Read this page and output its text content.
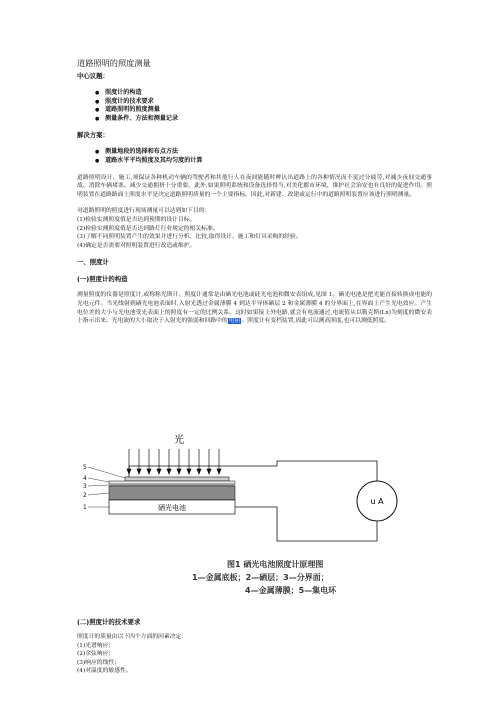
道路照明的照度测量

中心议题：

● 照度计的构造
● 照度计的技术要求
● 道路照明的照度测量
● 测量条件、方法和测量记录

解决方案：

● 测量地段的选择和布点方法
● 道路水平平均照度及其均匀度的计算

道路照明设计、施工,须保证各种机动车辆的驾驶者和其他行人在夜间能随时辨认出道路上的各种情况而不觉过分疲劳,对减少夜间交通事故、消除车辆堵塞、减少交通拥挤十分重要。此外,如果照明系统和设备选择得当,对美化都市环境、维护社会治安也有良好的促进作用。照明装置在道路路面上照度水平是决定道路照明质量的一个主要指标。因此,对新建、改建或运行中的道路照明装置应该进行照明测量。

对道路照明的照度进行现场测量可以达到如下目的：

(1)检验实测照度值是否达到预期的设计目标。

(2)检验实测照度值是否达到路灯行业规定的相关标准。

(3)了解不同照明装置产生的效果并进行分析、比较,取得设计、施工和灯具采购的经验。

(4)确定是否需要对照明装置进行改造或维护。

一、照度计

(一)照度计的构造

测量照度的仪器是照度计,或称称光斯计。照度计通常是由硒光电池或硅光电池和微安表组成,见图 1。硒光电池是把光能直接转换成电能的光电元件。当光线射到硒光电池表面时,入射光透过金属薄膜 4 到达半导体硒层 2 和金属薄膜 4 的分界面上,在界面上产生光电效应。产生电位差的大小与光电池受光表面上的照度有一定的比例关系。这时如果接上外电路,就会有电流通过,电流值从以勒克斯(Lx)为刻度的微安表上指示出来。光电流的大小取决于入射光的强弱和回路中的电阻。照度计有变档装置,因此可以测高照度,也可以测低照度。

光
硒光电池
5
4
3
2
1
u A
图1 硒光电池照度计原理图
1—金属底板；2—硒层；3—分界面；
4—金属薄膜；5—集电环

(二)照度计的技术要求

照度计的质量由以下四个方面的因素决定：

(1)光谱响应；

(2)余弦响应；

(3)响应的线性；

(4)对温度的敏感性。
